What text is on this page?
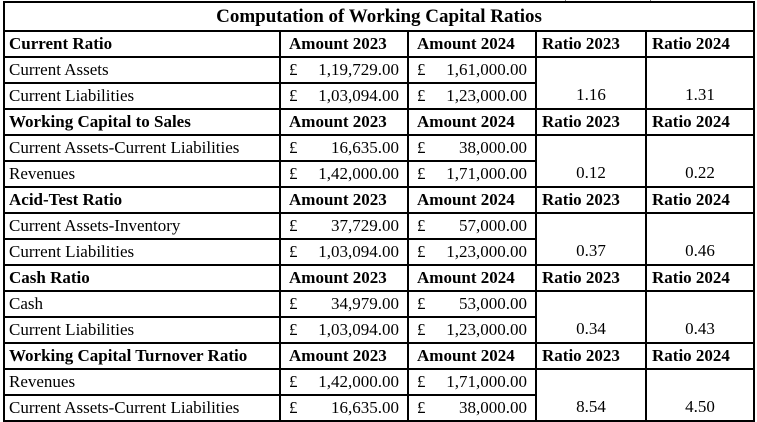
Computation of Working Capital Ratios				
Current Ratio	Amount 2023	Amount 2024	Ratio 2023	Ratio 2024
Current Assets	£ 1,19,729.00	£ 1,61,000.00	1.16	1.31
Current Liabilities	£ 1,03,094.00	£ 1,23,000.00		

Working Capital to Sales	Amount 2023	Amount 2024	Ratio 2023	Ratio 2024
Current Assets-Current Liabilities	£ 16,635.00	£ 38,000.00	0.12	0.22
Revenues	£ 1,42,000.00	£ 1,71,000.00		

Acid-Test Ratio	Amount 2023	Amount 2024	Ratio 2023	Ratio 2024
Current Assets-Inventory	£ 37,729.00	£ 57,000.00	0.37	0.46
Current Liabilities	£ 1,03,094.00	£ 1,23,000.00		

Cash Ratio	Amount 2023	Amount 2024	Ratio 2023	Ratio 2024
Cash	£ 34,979.00	£ 53,000.00	0.34	0.43
Current Liabilities	£ 1,03,094.00	£ 1,23,000.00		

Working Capital Turnover Ratio	Amount 2023	Amount 2024	Ratio 2023	Ratio 2024
Revenues	£ 1,42,000.00	£ 1,71,000.00	8.54	4.50
Current Assets-Current Liabilities	£ 16,635.00	£ 38,000.00		
